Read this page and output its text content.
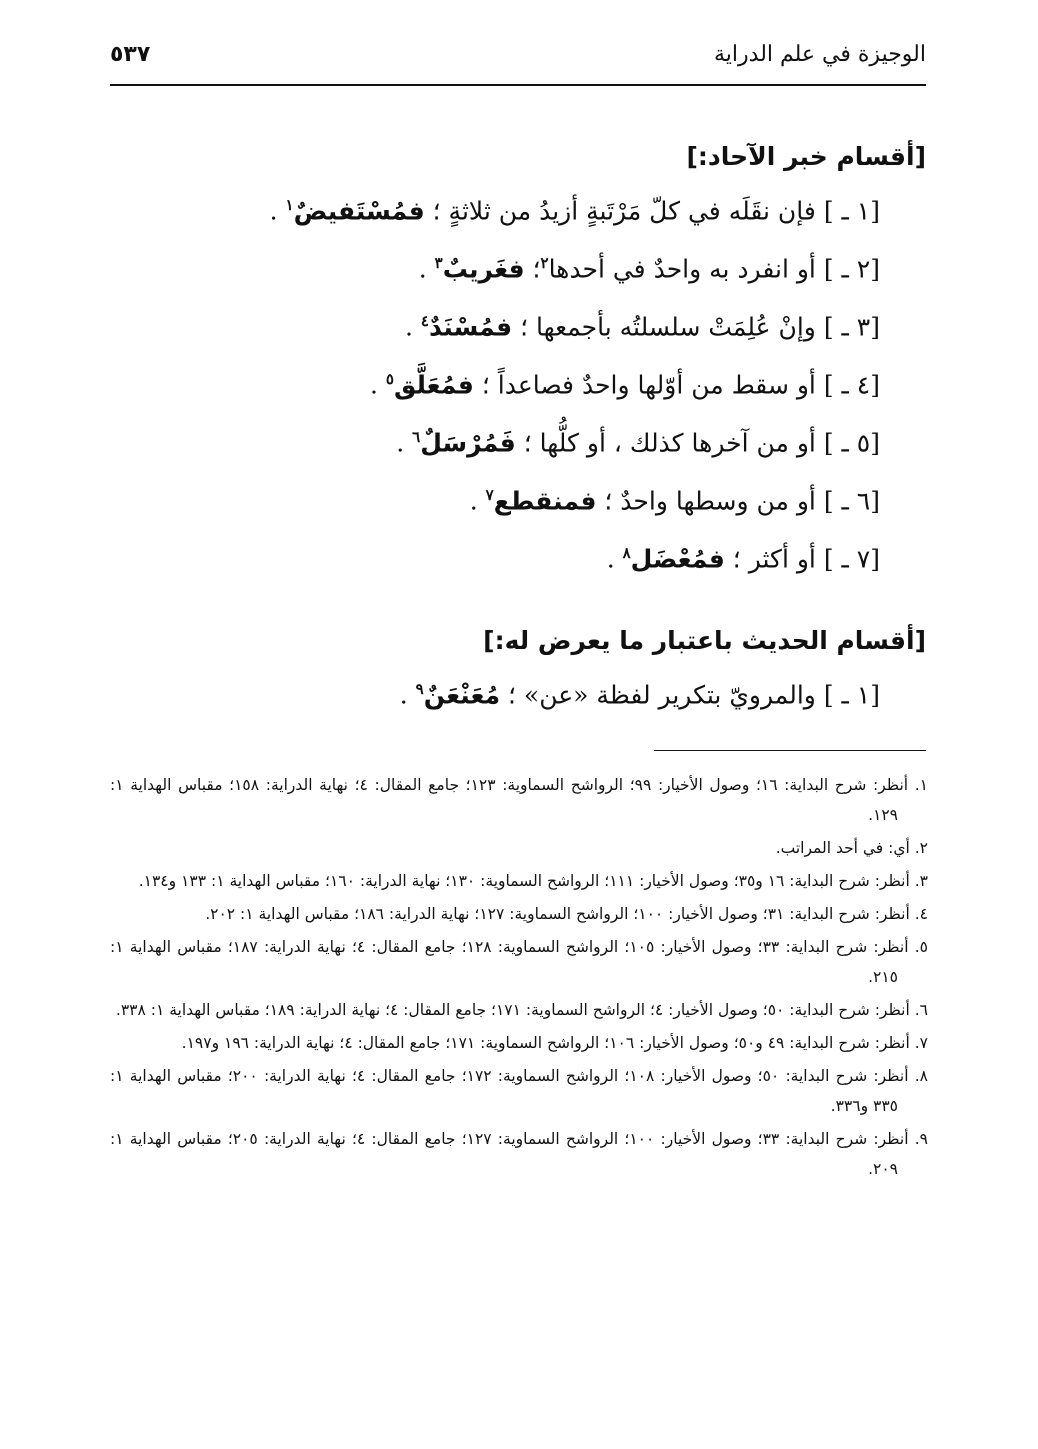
الوجيزة في علم الدراية
٥٣٧
[أقسام خبر الآحاد:]
[١ ـ ] فإن نقَلَه في كلّ مَرْتَبةٍ أزيدُ من ثلاثةٍ ؛ فمُسْتَفيضٌ$^١$ .
[٢ ـ ] أو انفرد به واحدٌ في أحدها$^٢$؛ فغَريبٌ$^٣$ .
[٣ ـ ] وإنْ عُلِمَتْ سلسلتُه بأجمعها ؛ فمُسْنَدٌ$^٤$ .
[٤ ـ ] أو سقط من أوّلها واحدٌ فصاعداً ؛ فمُعَلَّق$^٥$ .
[٥ ـ ] أو من آخرها كذلك ، أو كلُّها ؛ فَمُرْسَلٌ$^٦$ .
[٦ ـ ] أو من وسطها واحدٌ ؛ فمنقطع$^٧$ .
[٧ ـ ] أو أكثر ؛ فمُعْضَل$^٨$ .
[أقسام الحديث باعتبار ما يعرض له:]
[١ ـ ] والمرويّ بتكرير لفظة «عن» ؛ مُعَنْعَنٌ$^٩$ .

١. أنظر: شرح البداية: ١٦؛ وصول الأخيار: ٩٩؛ الرواشح السماوية: ١٢٣؛ جامع المقال: ٤؛ نهاية الدراية: ١٥٨؛ مقباس الهداية ١: ١٢٩.

٢. أي: في أحد المراتب.

٣. أنظر: شرح البداية: ١٦ و٣٥؛ وصول الأخيار: ١١١؛ الرواشح السماوية: ١٣٠؛ نهاية الدراية: ١٦٠؛ مقباس الهداية ١: ١٣٣ و١٣٤.

٤. أنظر: شرح البداية: ٣١؛ وصول الأخيار: ١٠٠؛ الرواشح السماوية: ١٢٧؛ نهاية الدراية: ١٨٦؛ مقباس الهداية ١: ٢٠٢.

٥. أنظر: شرح البداية: ٣٣؛ وصول الأخيار: ١٠٥؛ الرواشح السماوية: ١٢٨؛ جامع المقال: ٤؛ نهاية الدراية: ١٨٧؛ مقباس الهداية ١: ٢١٥.

٦. أنظر: شرح البداية: ٥٠؛ وصول الأخيار: ٤؛ الرواشح السماوية: ١٧١؛ جامع المقال: ٤؛ نهاية الدراية: ١٨٩؛ مقباس الهداية ١: ٣٣٨.

٧. أنظر: شرح البداية: ٤٩ و٥٠؛ وصول الأخيار: ١٠٦؛ الرواشح السماوية: ١٧١؛ جامع المقال: ٤؛ نهاية الدراية: ١٩٦ و١٩٧.

٨. أنظر: شرح البداية: ٥٠؛ وصول الأخيار: ١٠٨؛ الرواشح السماوية: ١٧٢؛ جامع المقال: ٤؛ نهاية الدراية: ٢٠٠؛ مقباس الهداية ١: ٣٣٥ و٣٣٦.

٩. أنظر: شرح البداية: ٣٣؛ وصول الأخيار: ١٠٠؛ الرواشح السماوية: ١٢٧؛ جامع المقال: ٤؛ نهاية الدراية: ٢٠٥؛ مقباس الهداية ١: ٢٠٩.
